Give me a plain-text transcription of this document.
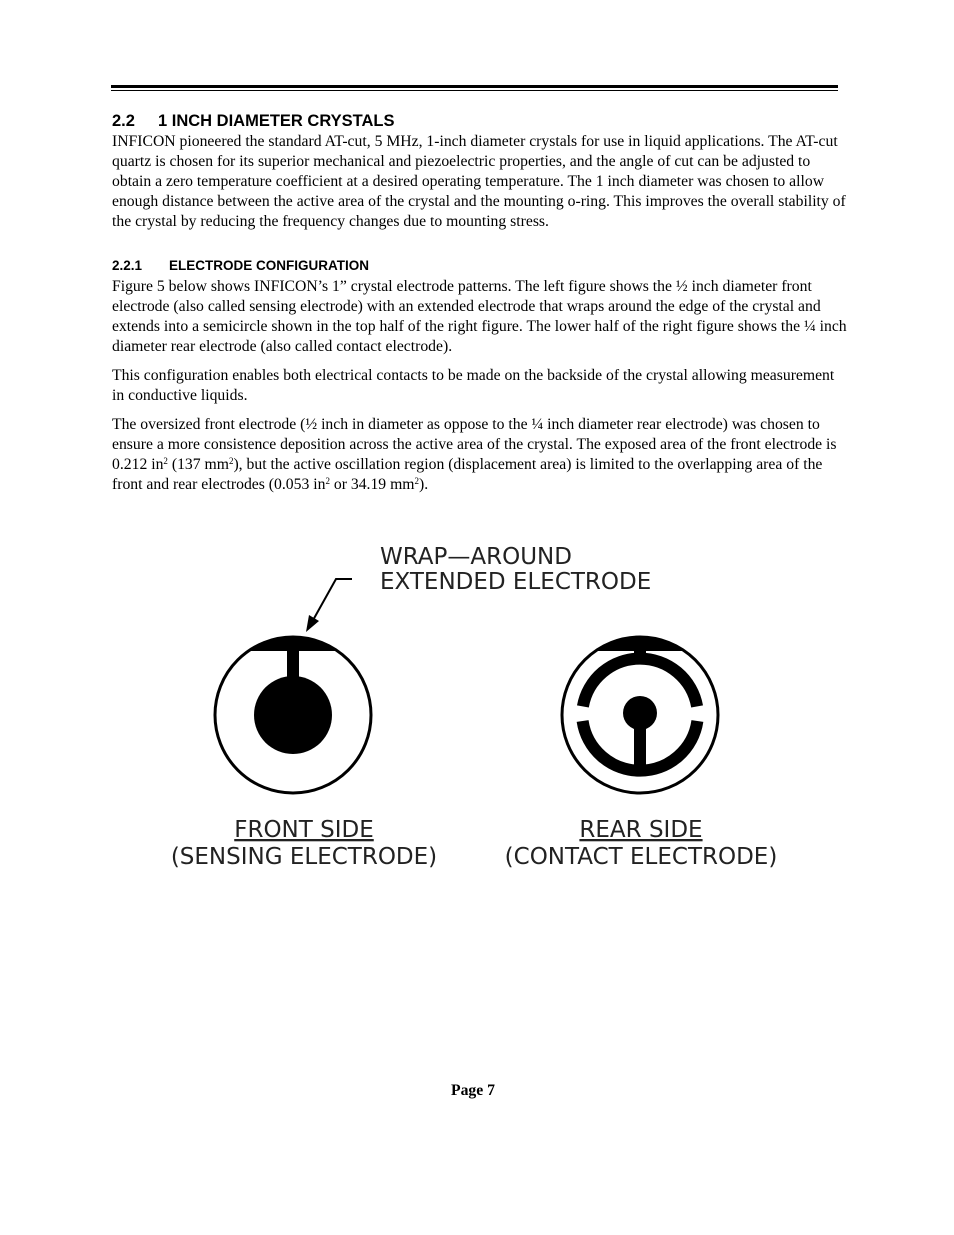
2.2 1 INCH DIAMETER CRYSTALS

INFICON pioneered the standard AT-cut, 5 MHz, 1-inch diameter crystals for use in liquid applications. The AT-cut quartz is chosen for its superior mechanical and piezoelectric properties, and the angle of cut can be adjusted to obtain a zero temperature coefficient at a desired operating temperature. The 1 inch diameter was chosen to allow enough distance between the active area of the crystal and the mounting o-ring. This improves the overall stability of the crystal by reducing the frequency changes due to mounting stress.

2.2.1 ELECTRODE CONFIGURATION

Figure 5 below shows INFICON’s 1” crystal electrode patterns. The left figure shows the ½ inch diameter front electrode (also called sensing electrode) with an extended electrode that wraps around the edge of the crystal and extends into a semicircle shown in the top half of the right figure. The lower half of the right figure shows the ¼ inch diameter rear electrode (also called contact electrode).

This configuration enables both electrical contacts to be made on the backside of the crystal allowing measurement in conductive liquids.

The oversized front electrode (½ inch in diameter as oppose to the ¼ inch diameter rear electrode) was chosen to ensure a more consistence deposition across the active area of the crystal. The exposed area of the front electrode is 0.212 $in^2$ (137 $mm^2$), but the active oscillation region (displacement area) is limited to the overlapping area of the front and rear electrodes (0.053 $in^2$ or 34.19 $mm^2$).

WRAP—AROUND
EXTENDED ELECTRODE
FRONT SIDE
(SENSING ELECTRODE)
REAR SIDE
(CONTACT ELECTRODE)
Page 7
